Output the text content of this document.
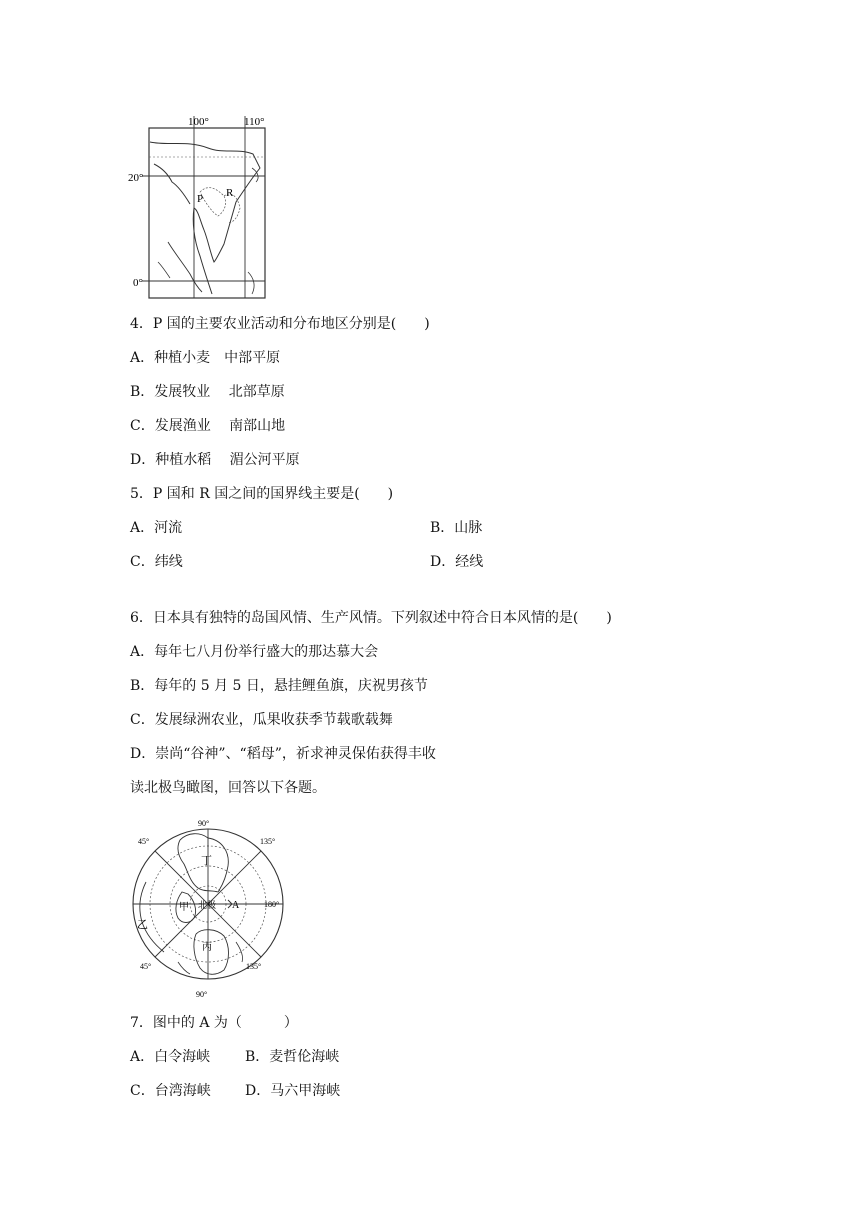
100°	110°
20°
0°
P R
4．P 国的主要农业活动和分布地区分别是(　　)
A．种植小麦　中部平原
B．发展牧业　 北部草原
C．发展渔业　 南部山地
D．种植水稻　 湄公河平原
5．P 国和 R 国之间的国界线主要是(　　)
A．河流	B．山脉
C．纬线	D．经线
6．日本具有独特的岛国风情、生产风情。下列叙述中符合日本风情的是(　　)
A．每年七八月份举行盛大的那达慕大会
B．每年的 5 月 5 日，悬挂鲤鱼旗，庆祝男孩节
C．发展绿洲农业，瓜果收获季节载歌载舞
D．崇尚“谷神”、“稻母”，祈求神灵保佑获得丰收
读北极鸟瞰图，回答以下各题。
90°
45°	135°
180°
45°	135°
90°
丁
甲
乙
丙
A
北极
7．图中的 A 为（　　　）
A．白令海峡 B．麦哲伦海峡
C．台湾海峡 D．马六甲海峡
